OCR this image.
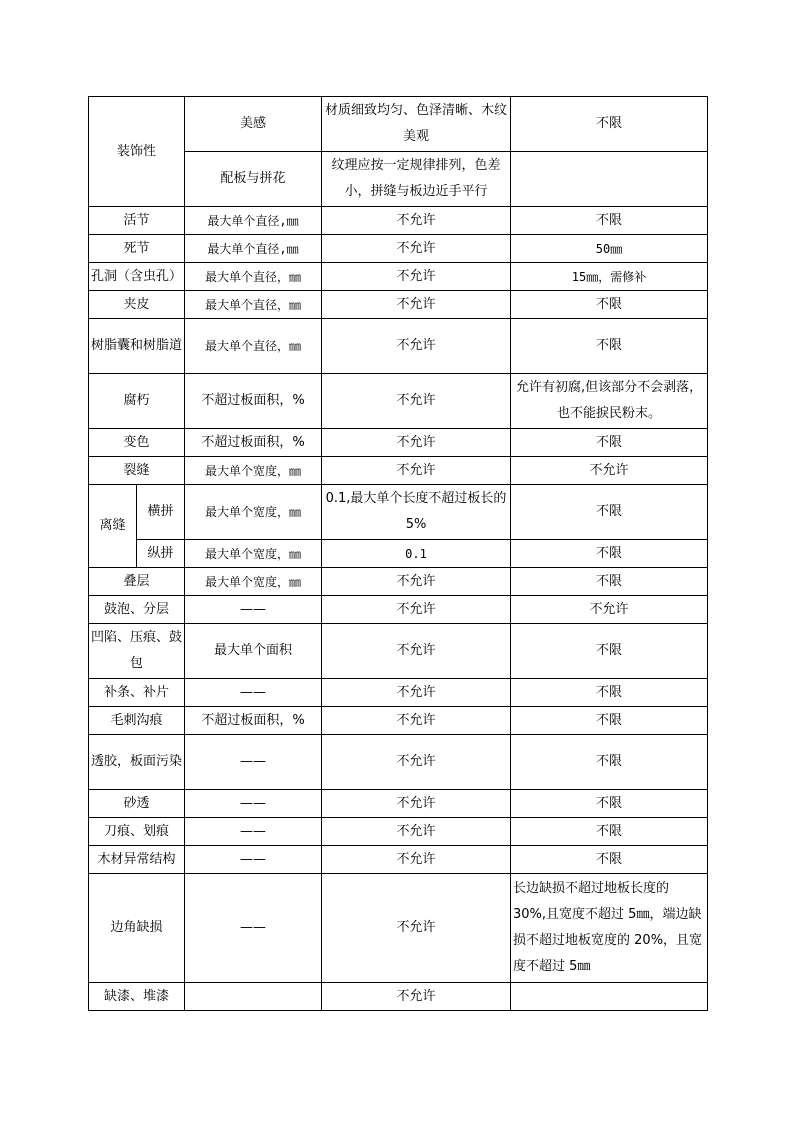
装饰性		美感	材质细致均匀、色泽清晰、木纹美观	不限
		配板与拼花	纹理应按一定规律排列，色差小，拼缝与板边近手平行	
活节		最大单个直径,㎜	不允许	不限
死节		最大单个直径,㎜	不允许	50㎜
孔洞（含虫孔）		最大单个直径，㎜	不允许	15㎜，需修补
夹皮		最大单个直径，㎜	不允许	不限
树脂囊和树脂道		最大单个直径，㎜	不允许	不限
腐朽		不超过板面积，%	不允许	允许有初腐,但该部分不会剥落，也不能捩民粉末。
变色		不超过板面积，%	不允许	不限
裂缝		最大单个宽度，㎜	不允许	不允许
离缝	横拼	最大单个宽度，㎜	0.1,最大单个长度不超过板长的 5%	不限
	纵拼	最大单个宽度，㎜	0.1	不限
叠层		最大单个宽度，㎜	不允许	不限
鼓泡、分层		——	不允许	不允许
凹陷、压痕、鼓包		最大单个面积	不允许	不限
补条、补片		——	不允许	不限
毛刺沟痕		不超过板面积，%	不允许	不限
透胶，板面污染		——	不允许	不限
砂透		——	不允许	不限
刀痕、划痕		——	不允许	不限
木材异常结构		——	不允许	不限
边角缺损		——	不允许	长边缺损不超过地板长度的 30%,且宽度不超过 5㎜，端边缺损不超过地板宽度的 20%，且宽度不超过 5㎜
缺漆、堆漆			不允许	
